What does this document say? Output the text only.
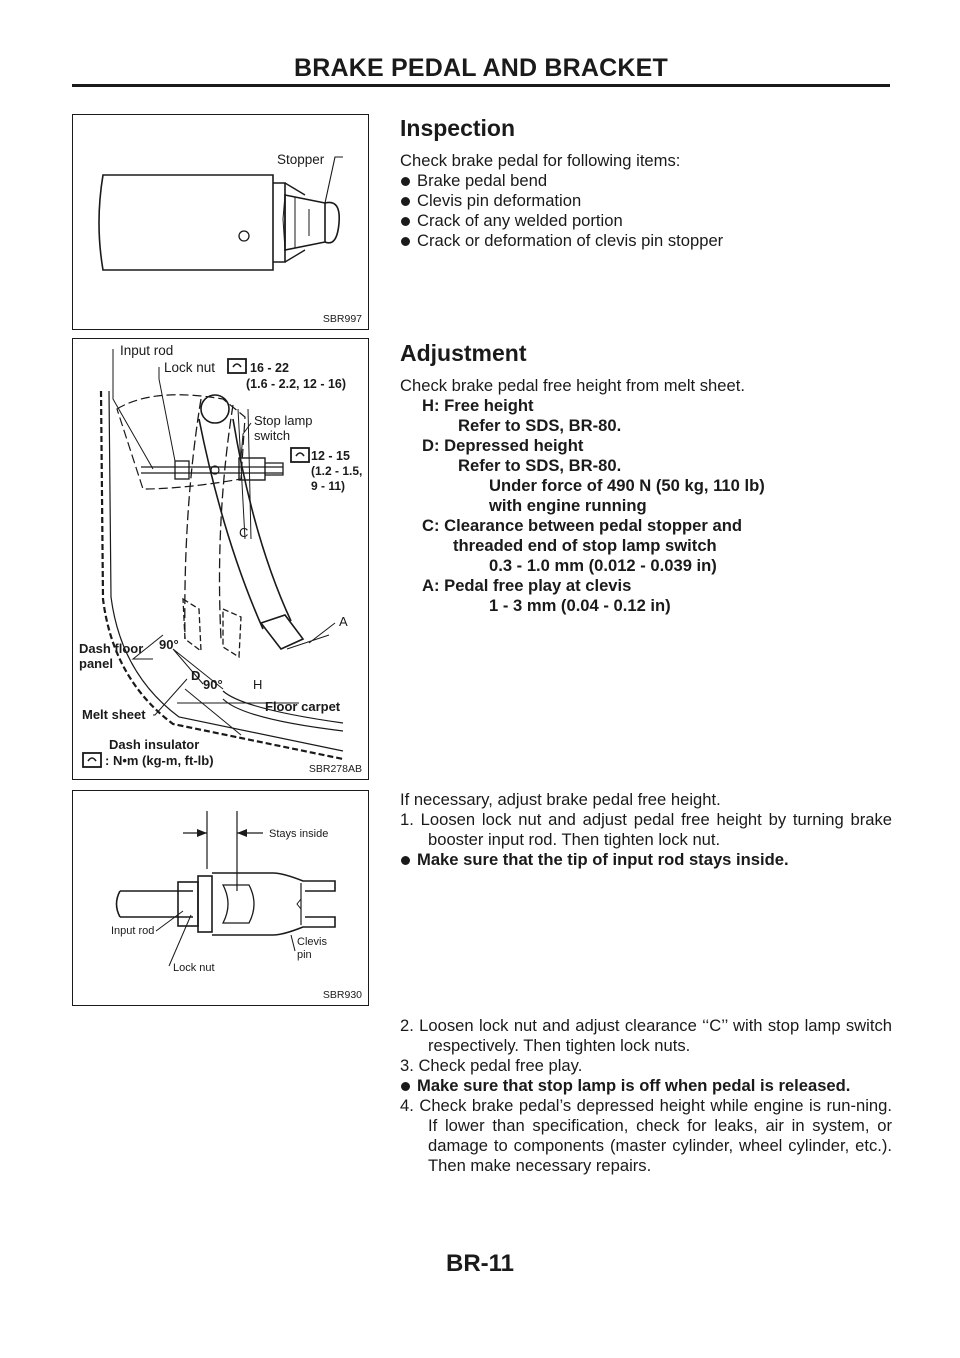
BRAKE PEDAL AND BRACKET
Stopper
SBR997
Input rod
Lock nut	16 - 22
(1.6 - 2.2, 12 - 16)
Stop lamp
switch
12 - 15
(1.2 - 1.5,
9 - 11)
C
A
90°
D
90° H
Dash floor
panel
Melt sheet
Floor carpet
Dash insulator
: N•m (kg-m, ft-lb)
SBR278AB
Stays inside
Input rod
Lock nut
Clevis
pin
SBR930
Inspection
Check brake pedal for following items:
Brake pedal bend
Clevis pin deformation
Crack of any welded portion
Crack or deformation of clevis pin stopper
Adjustment
Check brake pedal free height from melt sheet.
H: Free height
Refer to SDS, BR-80.
D: Depressed height
Refer to SDS, BR-80.
Under force of 490 N (50 kg, 110 lb)
with engine running
C: Clearance between pedal stopper and
threaded end of stop lamp switch
0.3 - 1.0 mm (0.012 - 0.039 in)
A: Pedal free play at clevis
1 - 3 mm (0.04 - 0.12 in)
If necessary, adjust brake pedal free height.
1. Loosen lock nut and adjust pedal free height by turning brake booster input rod. Then tighten lock nut.
Make sure that the tip of input rod stays inside.
2. Loosen lock nut and adjust clearance ‘‘C’’ with stop lamp switch respectively. Then tighten lock nuts.
3. Check pedal free play.
Make sure that stop lamp is off when pedal is released.
4. Check brake pedal’s depressed height while engine is run-ning. If lower than specification, check for leaks, air in system, or damage to components (master cylinder, wheel cylinder, etc.). Then make necessary repairs.
BR-11
